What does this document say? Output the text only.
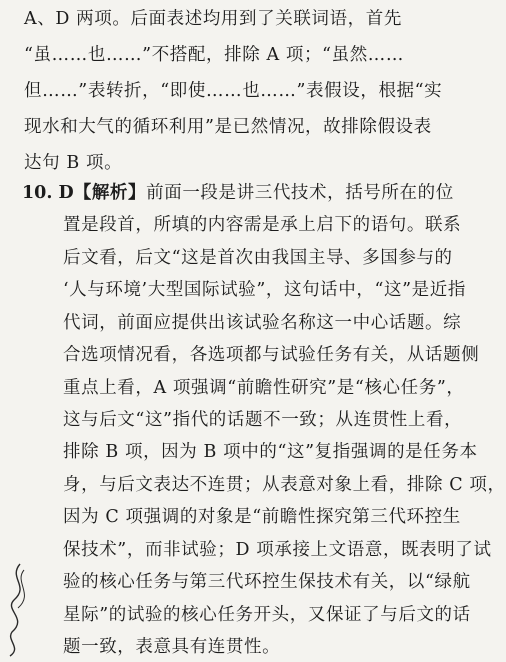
A、D 两项。后面表述均用到了关联词语，首先
“虽……也……”不搭配，排除 A 项；“虽然……
但……”表转折，“即使……也……”表假设，根据“实
现水和大气的循环利用”是已然情况，故排除假设表
达句 B 项。
10. D【解析】前面一段是讲三代技术，括号所在的位
置是段首，所填的内容需是承上启下的语句。联系
后文看，后文“这是首次由我国主导、多国参与的
‘人与环境’大型国际试验”，这句话中，“这”是近指
代词，前面应提供出该试验名称这一中心话题。综
合选项情况看，各选项都与试验任务有关，从话题侧
重点上看，A 项强调“前瞻性研究”是“核心任务”，
这与后文“这”指代的话题不一致；从连贯性上看，
排除 B 项，因为 B 项中的“这”复指强调的是任务本
身，与后文表达不连贯；从表意对象上看，排除 C 项，
因为 C 项强调的对象是“前瞻性探究第三代环控生
保技术”，而非试验；D 项承接上文语意，既表明了试
验的核心任务与第三代环控生保技术有关，以“绿航
星际”的试验的核心任务开头，又保证了与后文的话
题一致，表意具有连贯性。
